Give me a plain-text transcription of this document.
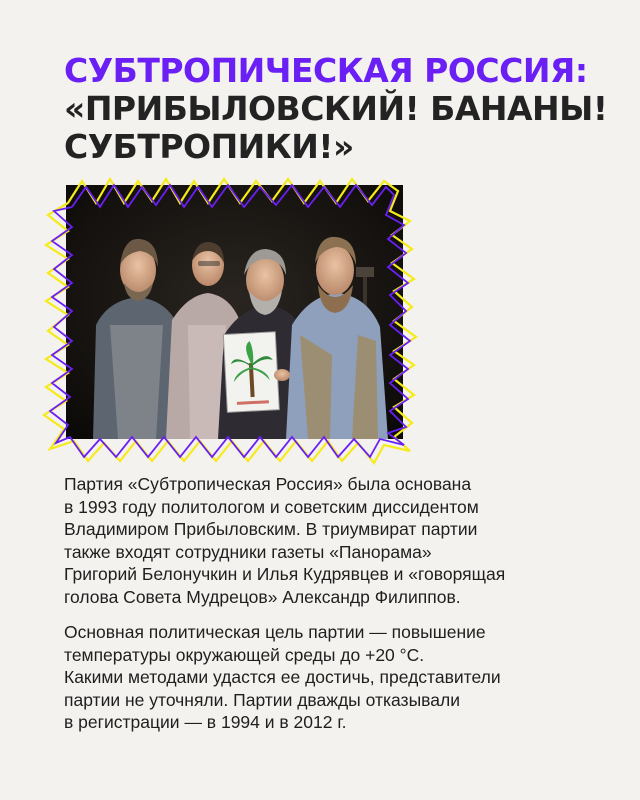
СУБТРОПИЧЕСКАЯ РОССИЯ:
«ПРИБЫЛОВСКИЙ! БАНАНЫ!
СУБТРОПИКИ!»

Партия «Субтропическая Россия» была основана
в 1993 году политологом и советским диссидентом
Владимиром Прибыловским. В триумвират партии
также входят сотрудники газеты «Панорама»
Григорий Белонучкин и Илья Кудрявцев и «говорящая
голова Совета Мудрецов» Александр Филиппов.

Основная политическая цель партии — повышение
температуры окружающей среды до +20 °C.
Какими методами удастся ее достичь, представители
партии не уточняли. Партии дважды отказывали
в регистрации — в 1994 и в 2012 г.
